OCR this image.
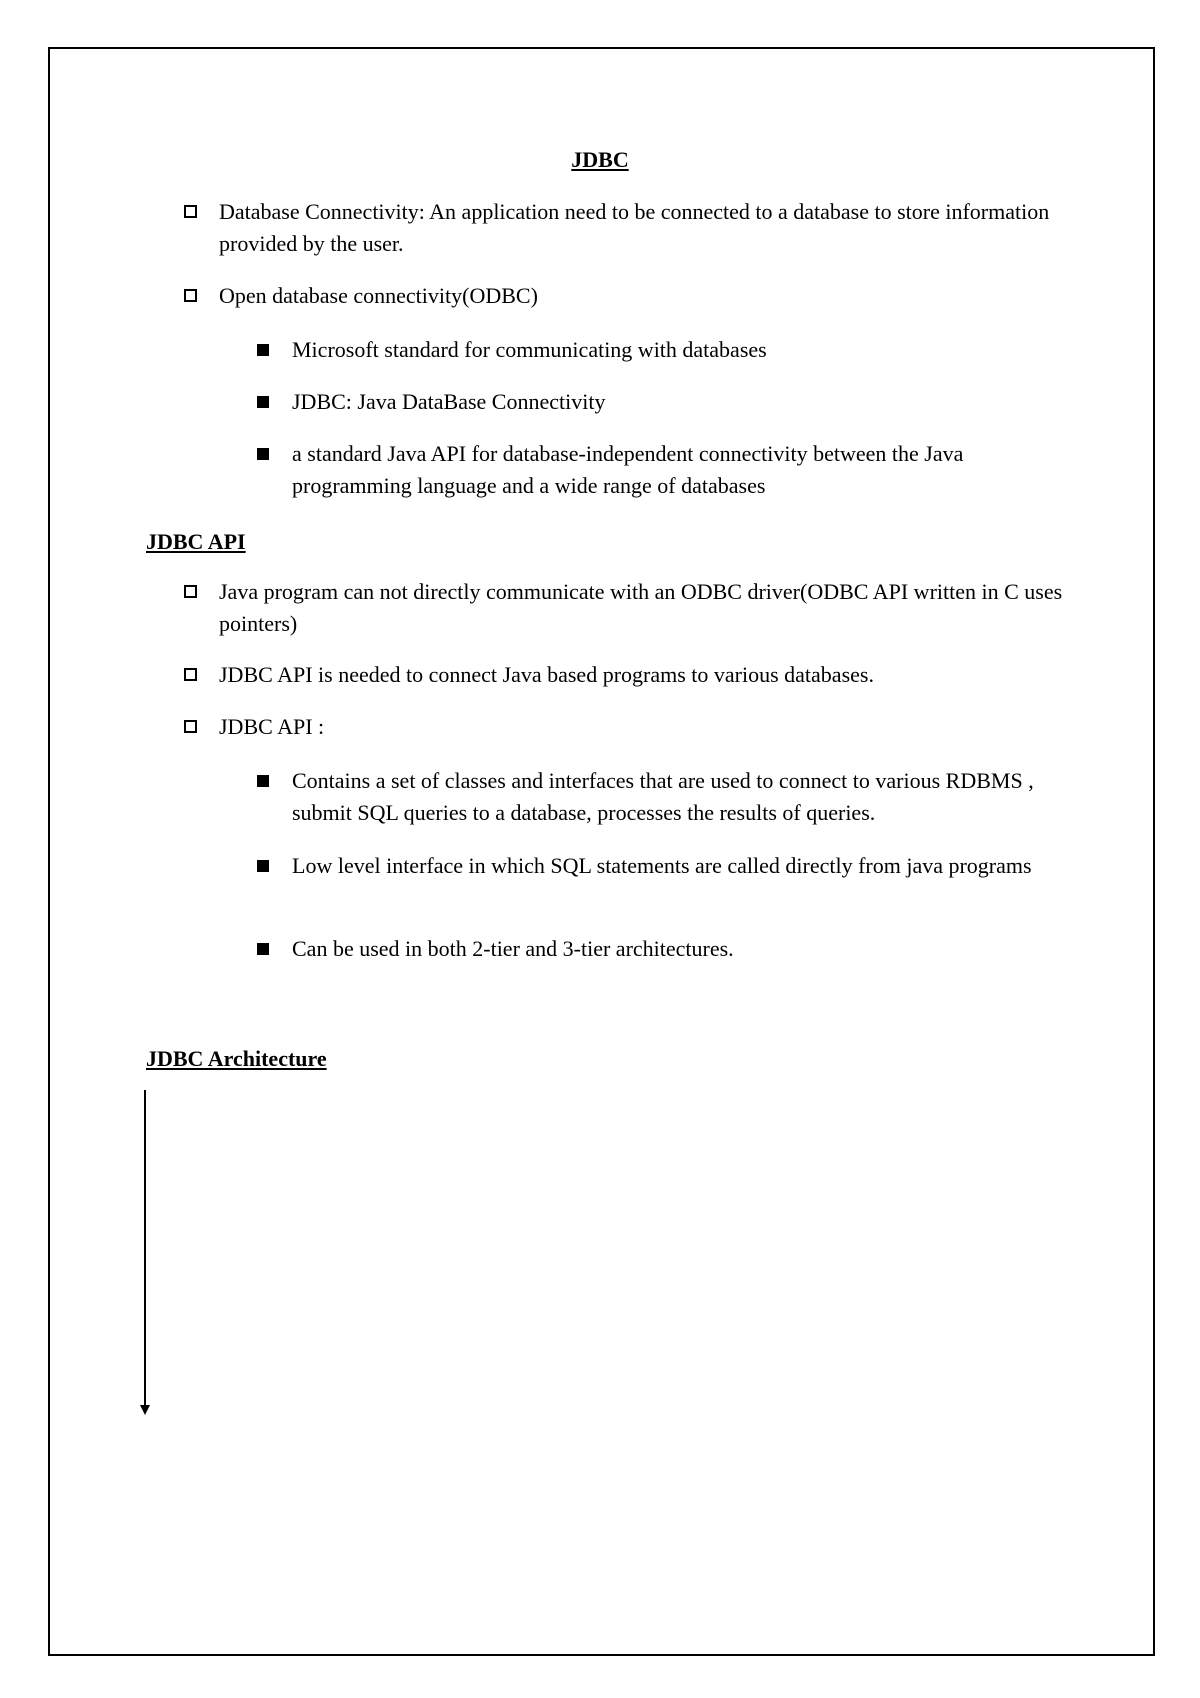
JDBC
Database Connectivity: An application need to be connected to a database to store information provided by the user.
Open database connectivity(ODBC)
Microsoft standard for communicating with databases
JDBC: Java DataBase Connectivity
a standard Java API for database-independent connectivity between the Java programming language and a wide range of databases
JDBC API
Java program can not directly communicate with an ODBC driver(ODBC API written in C uses pointers)
JDBC API is needed to connect Java based programs to various databases.
JDBC API :
Contains a set of classes and interfaces that are used to connect to various RDBMS , submit SQL queries to a database, processes the results of queries.
Low level interface in which SQL statements are called directly from java programs
Can be used in both 2-tier and 3-tier architectures.
JDBC Architecture
